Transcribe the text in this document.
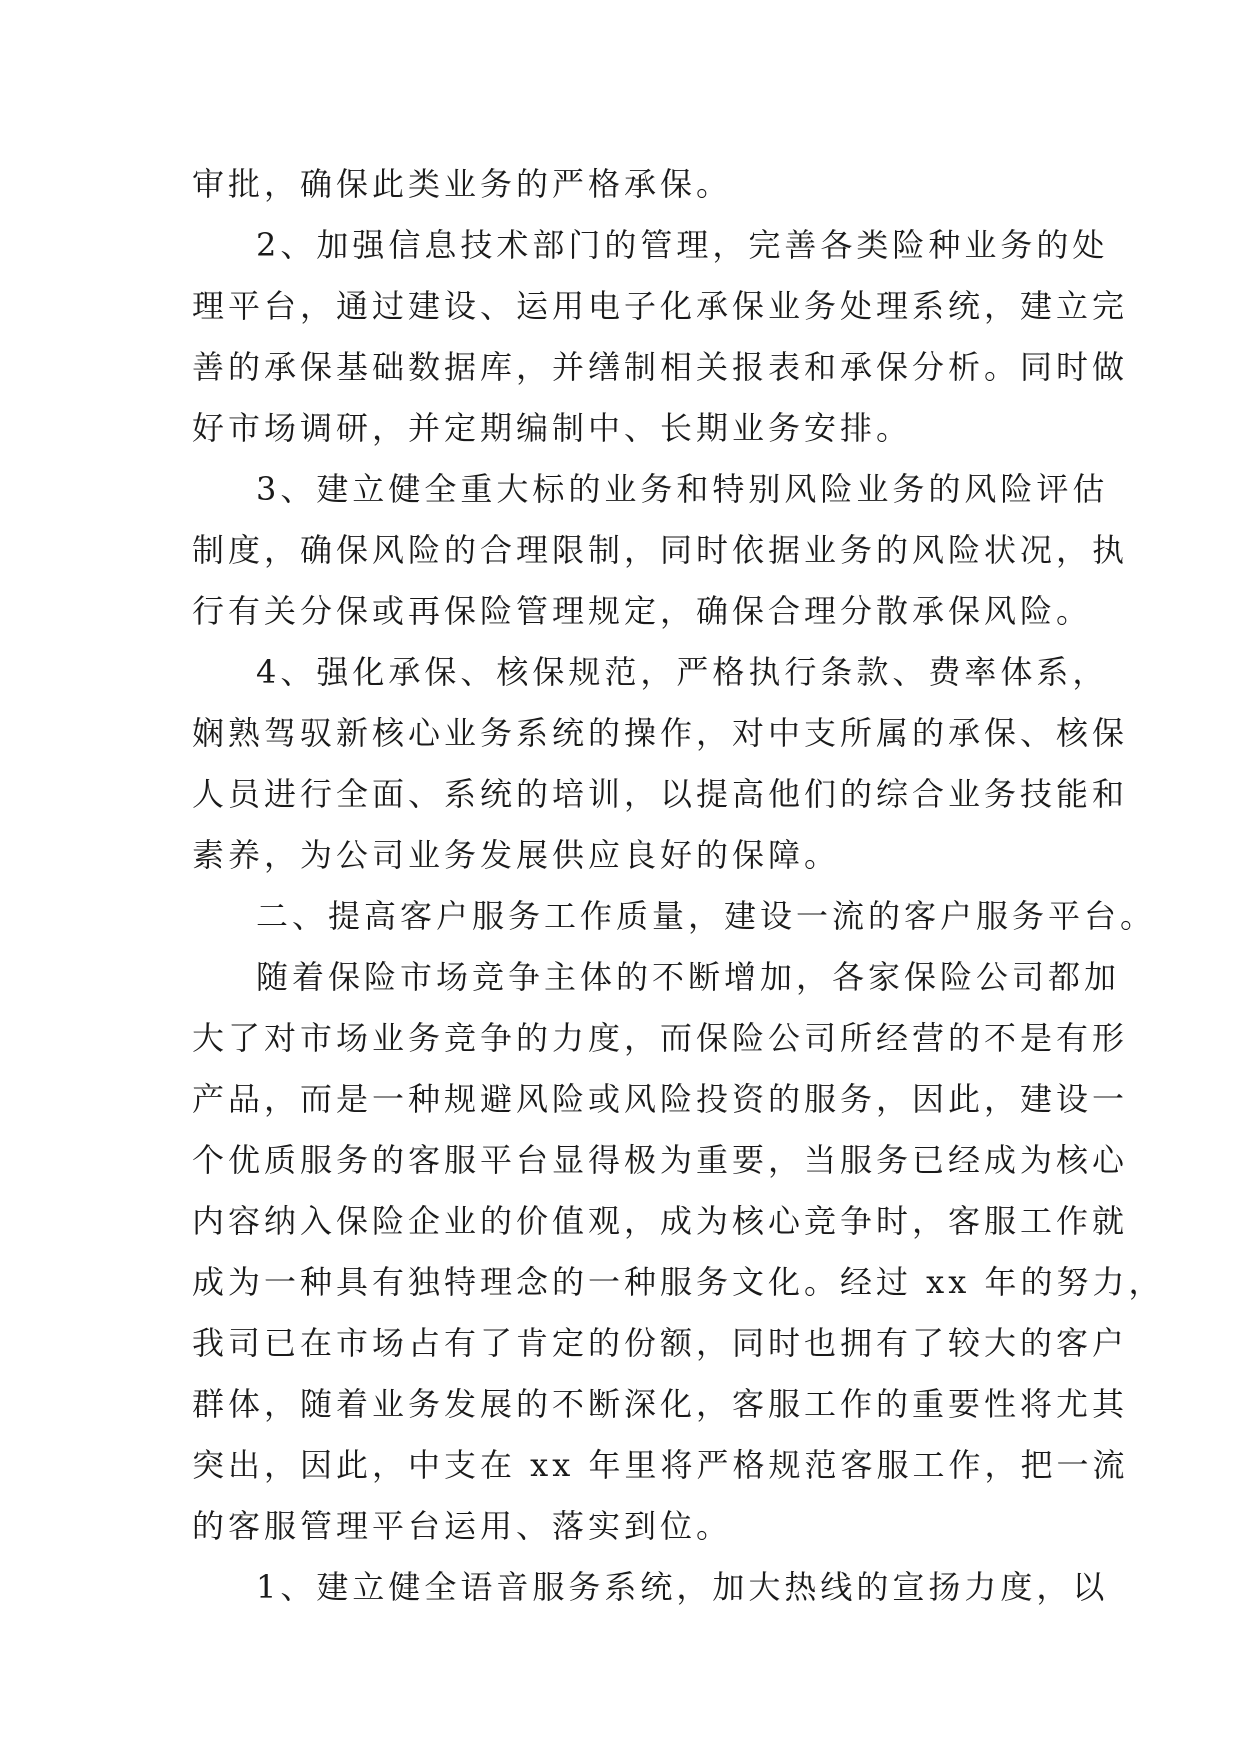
审批，确保此类业务的严格承保。
2、加强信息技术部门的管理，完善各类险种业务的处
理平台，通过建设、运用电子化承保业务处理系统，建立完
善的承保基础数据库，并缮制相关报表和承保分析。同时做
好市场调研，并定期编制中、长期业务安排。
3、建立健全重大标的业务和特别风险业务的风险评估
制度，确保风险的合理限制，同时依据业务的风险状况，执
行有关分保或再保险管理规定，确保合理分散承保风险。
4、强化承保、核保规范，严格执行条款、费率体系，
娴熟驾驭新核心业务系统的操作，对中支所属的承保、核保
人员进行全面、系统的培训，以提高他们的综合业务技能和
素养，为公司业务发展供应良好的保障。
二、提高客户服务工作质量，建设一流的客户服务平台。
随着保险市场竞争主体的不断增加，各家保险公司都加
大了对市场业务竞争的力度，而保险公司所经营的不是有形
产品，而是一种规避风险或风险投资的服务，因此，建设一
个优质服务的客服平台显得极为重要，当服务已经成为核心
内容纳入保险企业的价值观，成为核心竞争时，客服工作就
成为一种具有独特理念的一种服务文化。经过 xx 年的努力，
我司已在市场占有了肯定的份额，同时也拥有了较大的客户
群体，随着业务发展的不断深化，客服工作的重要性将尤其
突出，因此，中支在 xx 年里将严格规范客服工作，把一流
的客服管理平台运用、落实到位。
1、建立健全语音服务系统，加大热线的宣扬力度，以
